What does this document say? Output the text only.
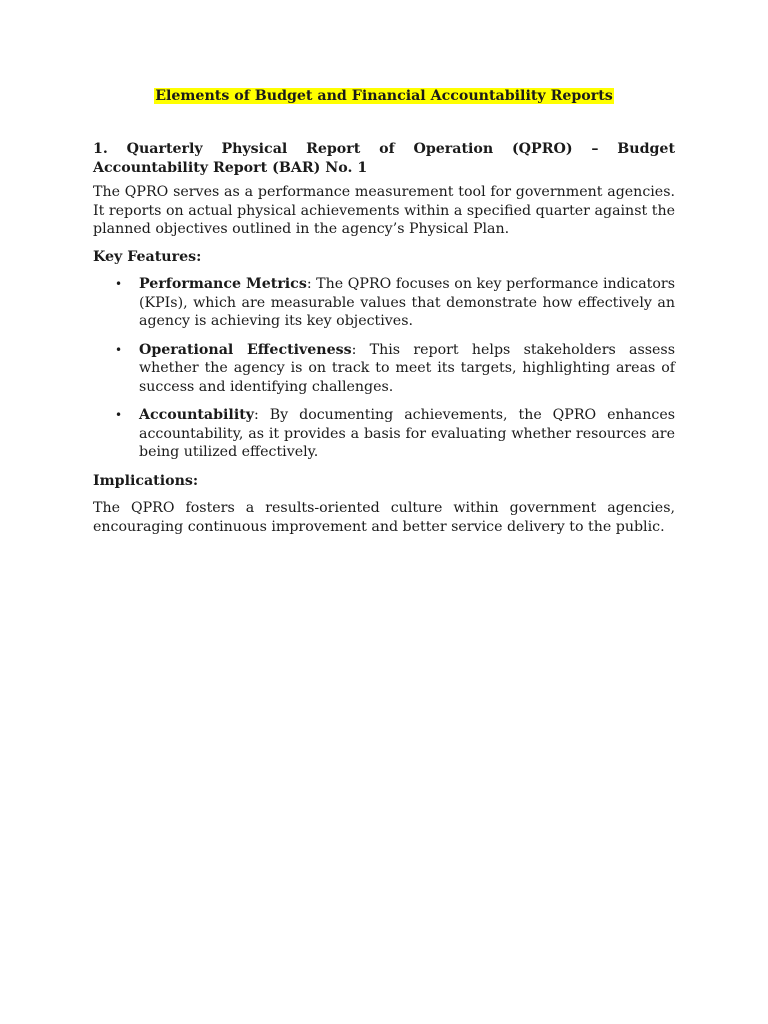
Elements of Budget and Financial Accountability Reports

1. Quarterly Physical Report of Operation (QPRO) – Budget Accountability Report (BAR) No. 1

The QPRO serves as a performance measurement tool for government agencies. It reports on actual physical achievements within a specified quarter against the planned objectives outlined in the agency’s Physical Plan.

Key Features:

• Performance Metrics: The QPRO focuses on key performance indicators (KPIs), which are measurable values that demonstrate how effectively an agency is achieving its key objectives.
• Operational Effectiveness: This report helps stakeholders assess whether the agency is on track to meet its targets, highlighting areas of success and identifying challenges.
• Accountability: By documenting achievements, the QPRO enhances accountability, as it provides a basis for evaluating whether resources are being utilized effectively.

Implications:

The QPRO fosters a results-oriented culture within government agencies, encouraging continuous improvement and better service delivery to the public.
